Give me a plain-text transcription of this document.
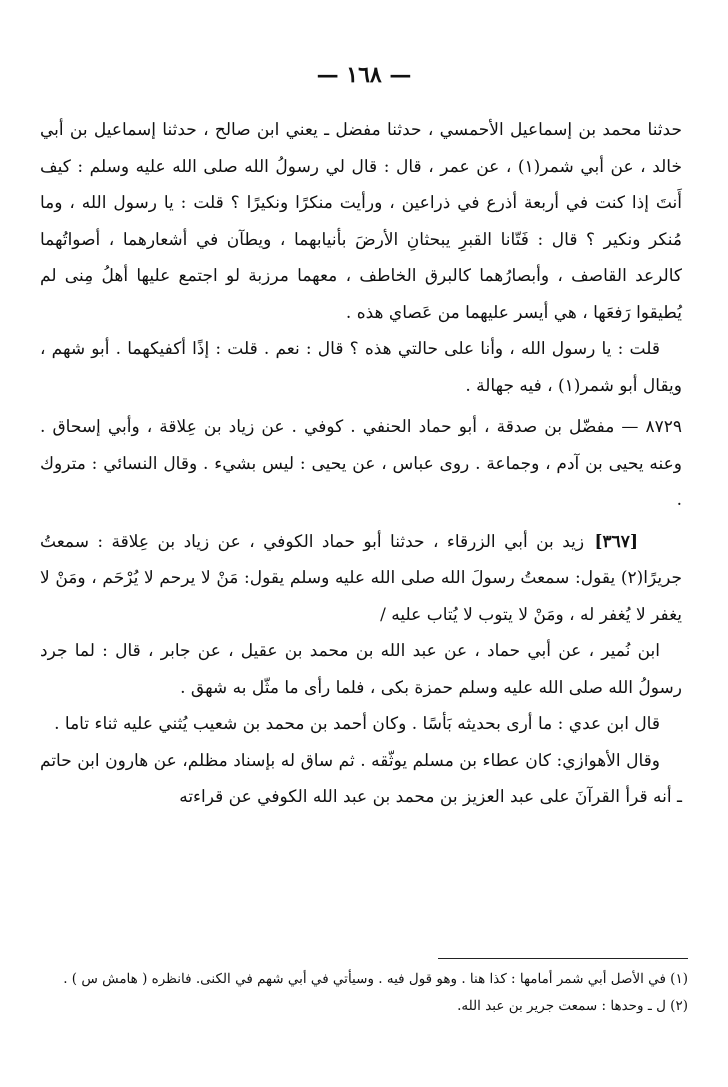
— ١٦٨ —

حدثنا محمد بن إسماعيل الأحمسي ، حدثنا مفضل ـ يعني ابن صالح ، حدثنا إسماعيل بن أبي خالد ، عن أبي شمر(١) ، عن عمر ، قال : قال لي رسولُ الله صلى الله عليه وسلم : كيف أَنتَ إذا كنت في أربعة أذرع في ذراعين ، ورأيت منكرًا ونكيرًا ؟ قلت : يا رسول الله ، وما مُنكر ونكير ؟ قال : فَتّانا القبرِ يبحثانِ الأرضَ بأنيابهما ، ويطآن في أشعارهما ، أصواتُهما كالرعد القاصف ، وأبصارُهما كالبرق الخاطف ، معهما مرزبة لو اجتمع عليها أهلُ مِنى لم يُطيقوا رَفعَها ، هي أيسر عليهما من عَصاي هذه .

قلت : يا رسول الله ، وأنا على حالتي هذه ؟ قال : نعم . قلت : إذًا أكفيكهما . أبو شهم ، ويقال أبو شمر(١) ، فيه جهالة .

٨٧٢٩ — مفضّل بن صدقة ، أبو حماد الحنفي . كوفي . عن زياد بن عِلاقة ، وأبي إسحاق . وعنه يحيى بن آدم ، وجماعة . روى عباس ، عن يحيى : ليس بشيء . وقال النسائي : متروك .

[٣٦٧] زيد بن أبي الزرقاء ، حدثنا أبو حماد الكوفي ، عن زياد بن عِلاقة : سمعتُ جريرًا(٢) يقول: سمعتُ رسولَ الله صلى الله عليه وسلم يقول: مَنْ لا يرحم لا يُرْحَم ، ومَنْ لا يغفر لا يُغفر له ، ومَنْ لا يتوب لا يُتاب عليه /

ابن نُمير ، عن أبي حماد ، عن عبد الله بن محمد بن عقيل ، عن جابر ، قال : لما جرد رسولُ الله صلى الله عليه وسلم حمزة بكى ، فلما رأى ما مثّل به شهق .

قال ابن عدي : ما أرى بحديثه بَأسًا . وكان أحمد بن محمد بن شعيب يُثني عليه ثناء تاما .

وقال الأهوازي: كان عطاء بن مسلم يوثّقه . ثم ساق له بإسناد مظلم، عن هارون ابن حاتم ـ أنه قرأ القرآنَ على عبد العزيز بن محمد بن عبد الله الكوفي عن قراءته

(١) في الأصل أبي شمر أمامها : كذا هنا . وهو قول فيه . وسيأتي في أبي شهم في الكنى. فانظره ( هامش س ) .

(٢) ل ـ وحدها : سمعت جرير بن عبد الله.
